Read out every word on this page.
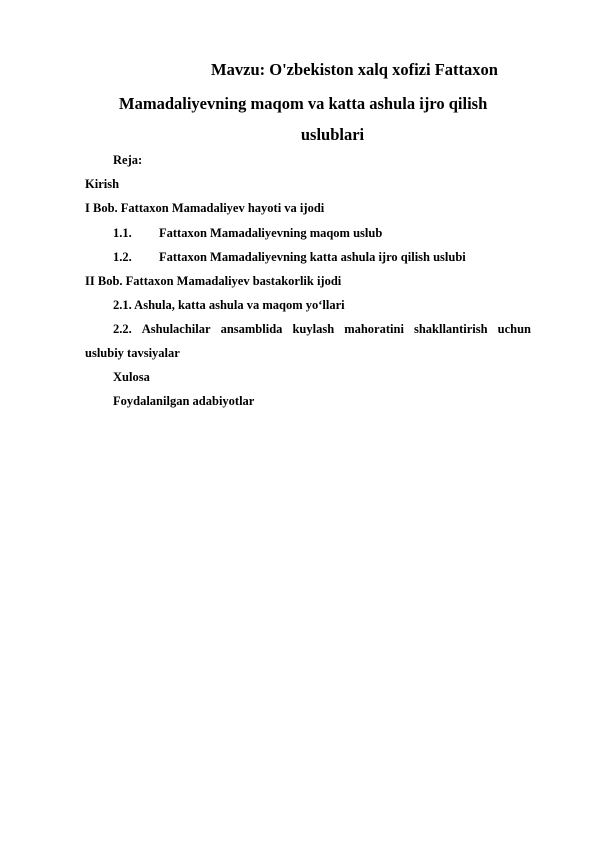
Mavzu: O'zbekiston xalq xofizi Fattaxon
Mamadaliyevning maqom va katta ashula ijro qilish
uslublari
Reja:
Kirish
I Bob. Fattaxon Mamadaliyev hayoti va ijodi
1.1. Fattaxon Mamadaliyevning maqom uslub
1.2. Fattaxon Mamadaliyevning katta ashula ijro qilish uslubi
II Bob. Fattaxon Mamadaliyev bastakorlik ijodi
2.1. Ashula, katta ashula va maqom yo‘llari
2.2. Ashulachilar ansamblida kuylash mahoratini shakllantirish uchun
uslubiy tavsiyalar
Xulosa
Foydalanilgan adabiyotlar
